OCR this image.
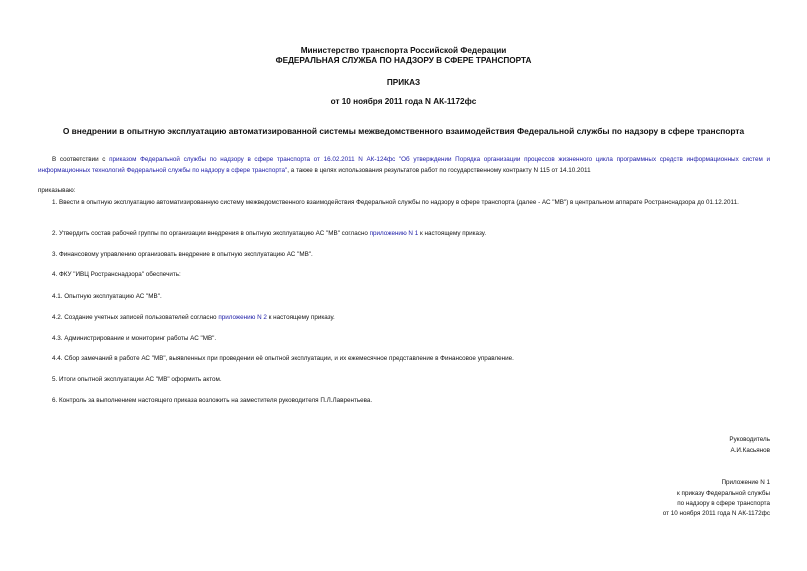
Министерство транспорта Российской Федерации
ФЕДЕРАЛЬНАЯ СЛУЖБА ПО НАДЗОРУ В СФЕРЕ ТРАНСПОРТА
ПРИКАЗ
от 10 ноября 2011 года N АК-1172фс
О внедрении в опытную эксплуатацию автоматизированной системы межведомственного взаимодействия Федеральной службы по надзору в сфере транспорта
В соответствии с приказом Федеральной службы по надзору в сфере транспорта от 16.02.2011 N АК-124фс "Об утверждении Порядка организации процессов жизненного цикла программных средств информационных систем и информационных технологий Федеральной службы по надзору в сфере транспорта", а также в целях использования результатов работ по государственному контракту N 115 от 14.10.2011
приказываю:
1. Ввести в опытную эксплуатацию автоматизированную систему межведомственного взаимодействия Федеральной службы по надзору в сфере транспорта (далее - АС "МВ") в центральном аппарате Ространснадзора до 01.12.2011.
2. Утвердить состав рабочей группы по организации внедрения в опытную эксплуатацию АС "МВ" согласно приложению N 1 к настоящему приказу.
3. Финансовому управлению организовать внедрение в опытную эксплуатацию АС "МВ".
4. ФКУ "ИВЦ Ространснадзора" обеспечить:
4.1. Опытную эксплуатацию АС "МВ".
4.2. Создание учетных записей пользователей согласно приложению N 2 к настоящему приказу.
4.3. Администрирование и мониторинг работы АС "МВ".
4.4. Сбор замечаний в работе АС "МВ", выявленных при проведении её опытной эксплуатации, и их ежемесячное представление в Финансовое управление.
5. Итоги опытной эксплуатации АС "МВ" оформить актом.
6. Контроль за выполнением настоящего приказа возложить на заместителя руководителя П.Л.Лаврентьева.
Руководитель
А.И.Касьянов
Приложение N 1
к приказу Федеральной службы
по надзору в сфере транспорта
от 10 ноября 2011 года N АК-1172фс
